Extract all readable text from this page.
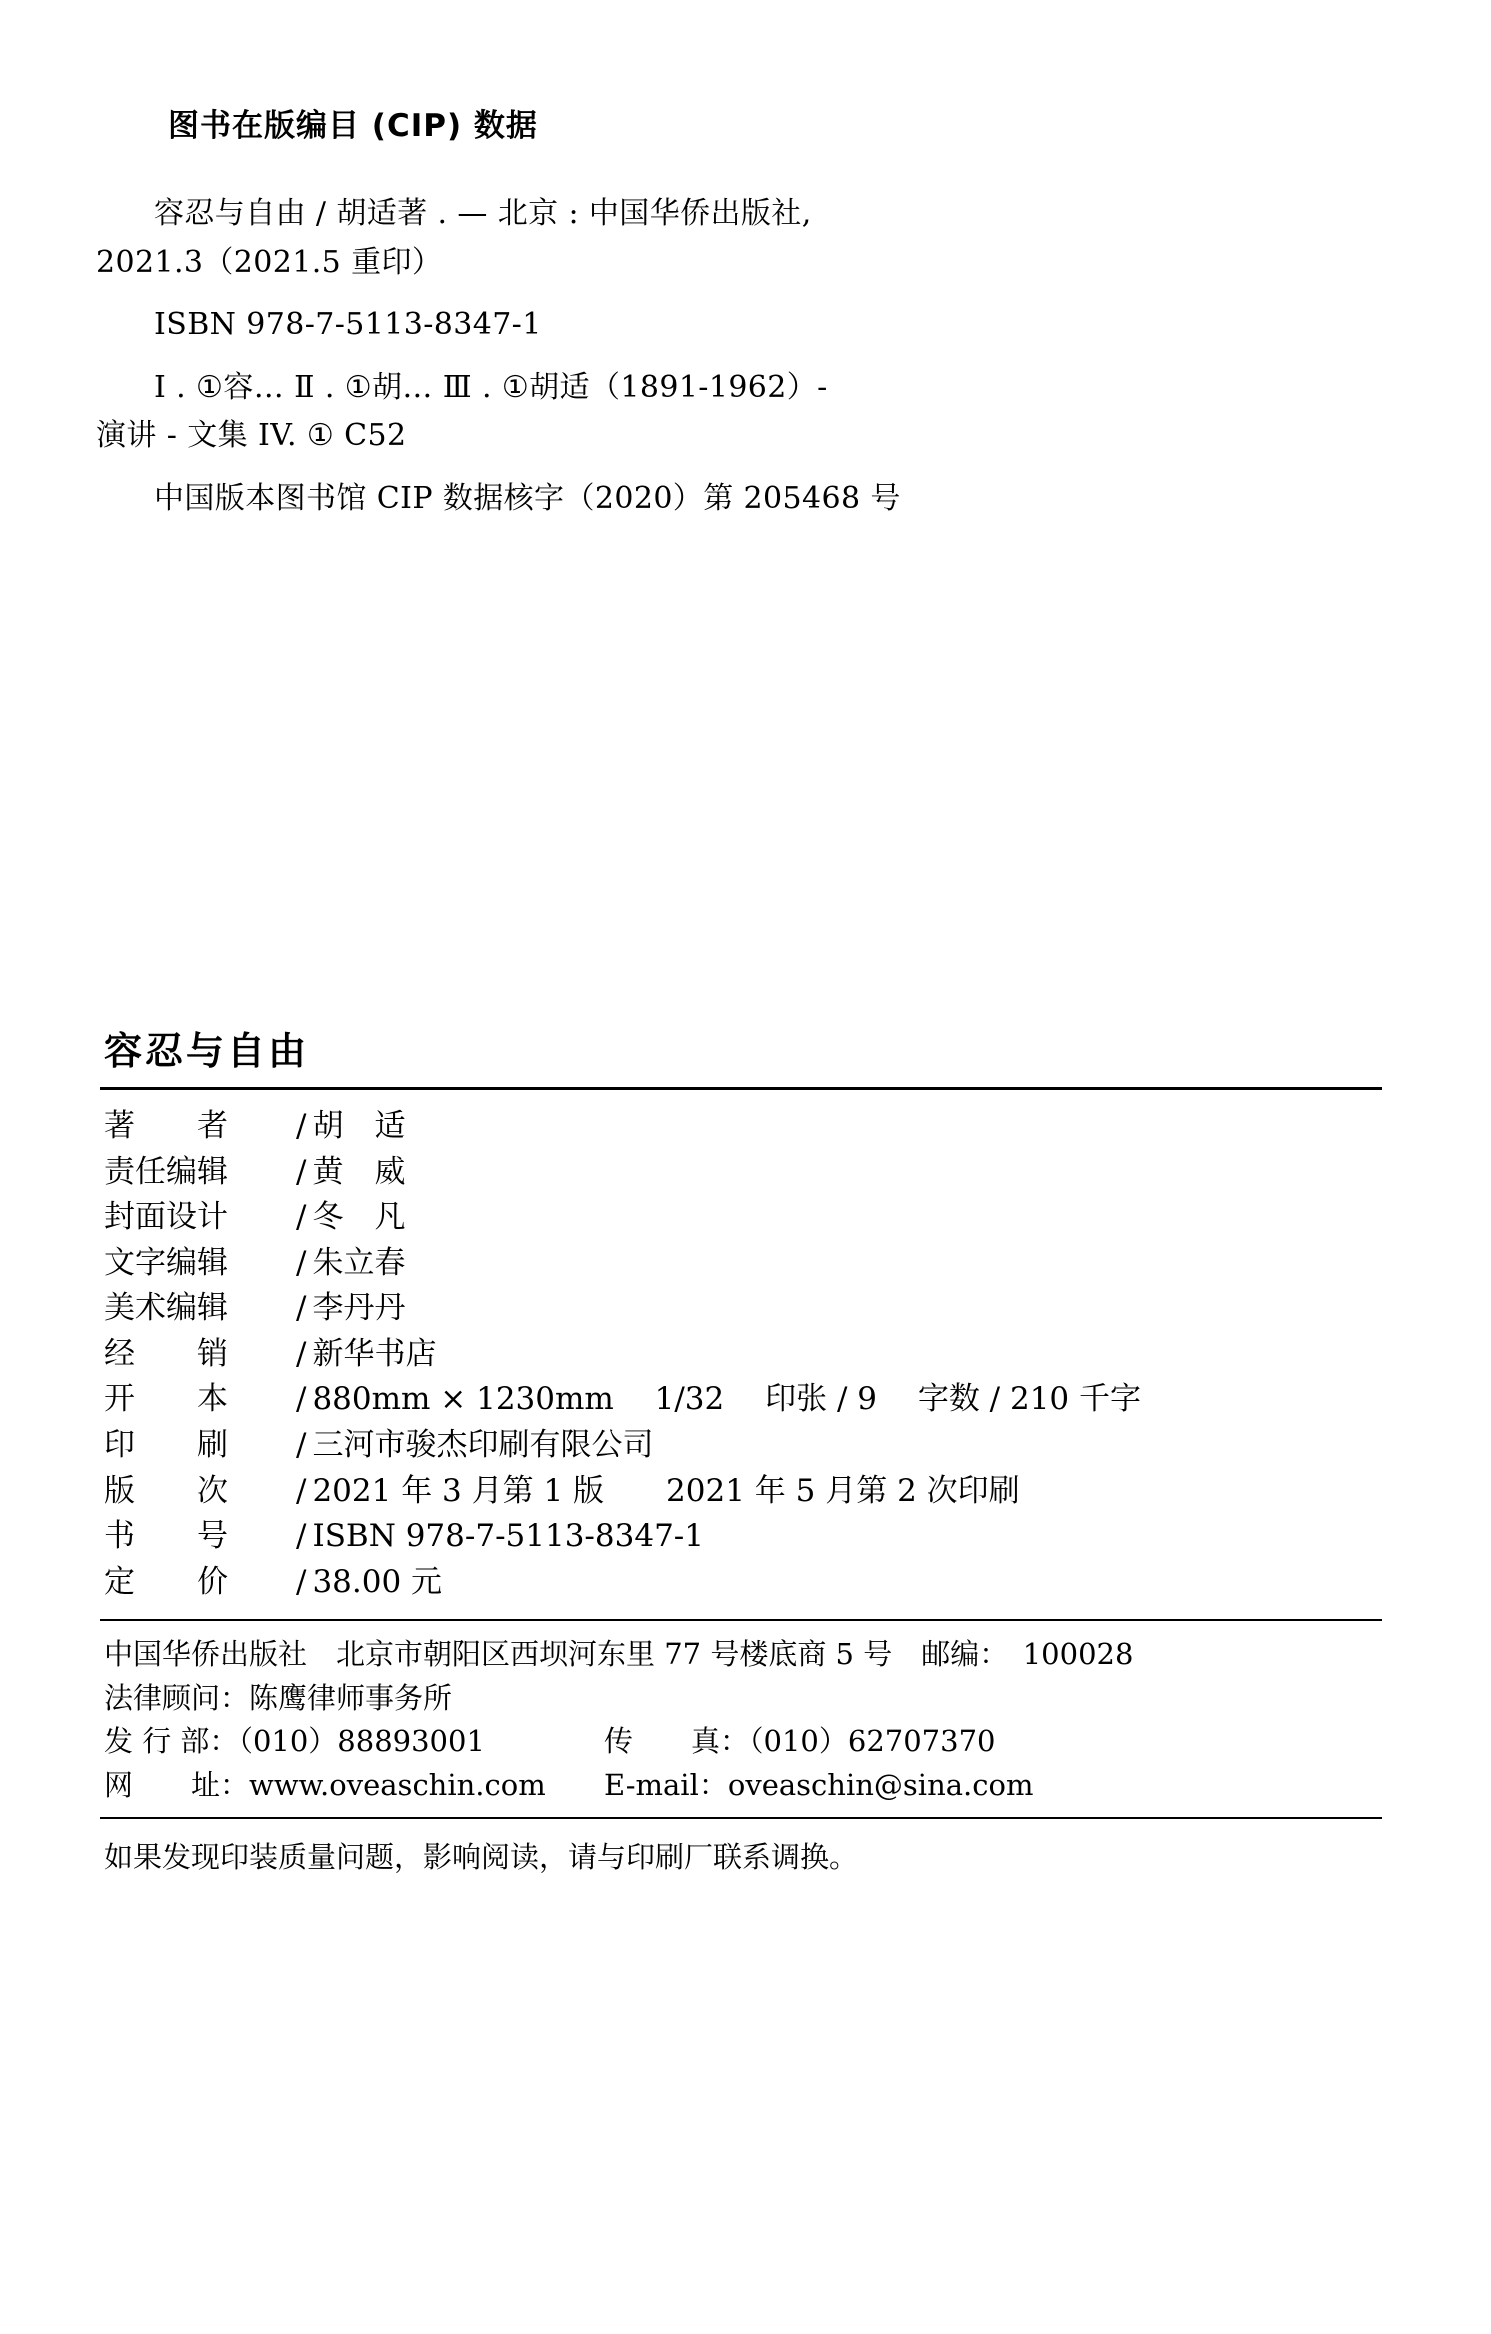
图书在版编目 (CIP) 数据
容忍与自由 / 胡适著 . — 北京 : 中国华侨出版社,
2021.3（2021.5 重印）
ISBN 978-7-5113-8347-1
Ⅰ . ①容… Ⅱ . ①胡… Ⅲ . ①胡适（1891-1962）-
演讲 - 文集 IV. ① C52
中国版本图书馆 CIP 数据核字（2020）第 205468 号
容忍与自由
著　　者	/ 胡　适
责任编辑	/ 黄　威
封面设计	/ 冬　凡
文字编辑	/ 朱立春
美术编辑	/ 李丹丹
经　　销	/ 新华书店
开　　本	/ 880mm × 1230mm　 1/32　 印张 / 9　 字数 / 210 千字
印　　刷	/ 三河市骏杰印刷有限公司
版　　次	/ 2021 年 3 月第 1 版　　2021 年 5 月第 2 次印刷
书　　号	/ ISBN 978-7-5113-8347-1
定　　价	/ 38.00 元
中国华侨出版社　北京市朝阳区西坝河东里 77 号楼底商 5 号　邮编：　100028
法律顾问：陈鹰律师事务所
发 行 部：（010）88893001	传　　真：（010）62707370
网　　址：www.oveaschin.com	E-mail：oveaschin@sina.com
如果发现印装质量问题，影响阅读，请与印刷厂联系调换。
